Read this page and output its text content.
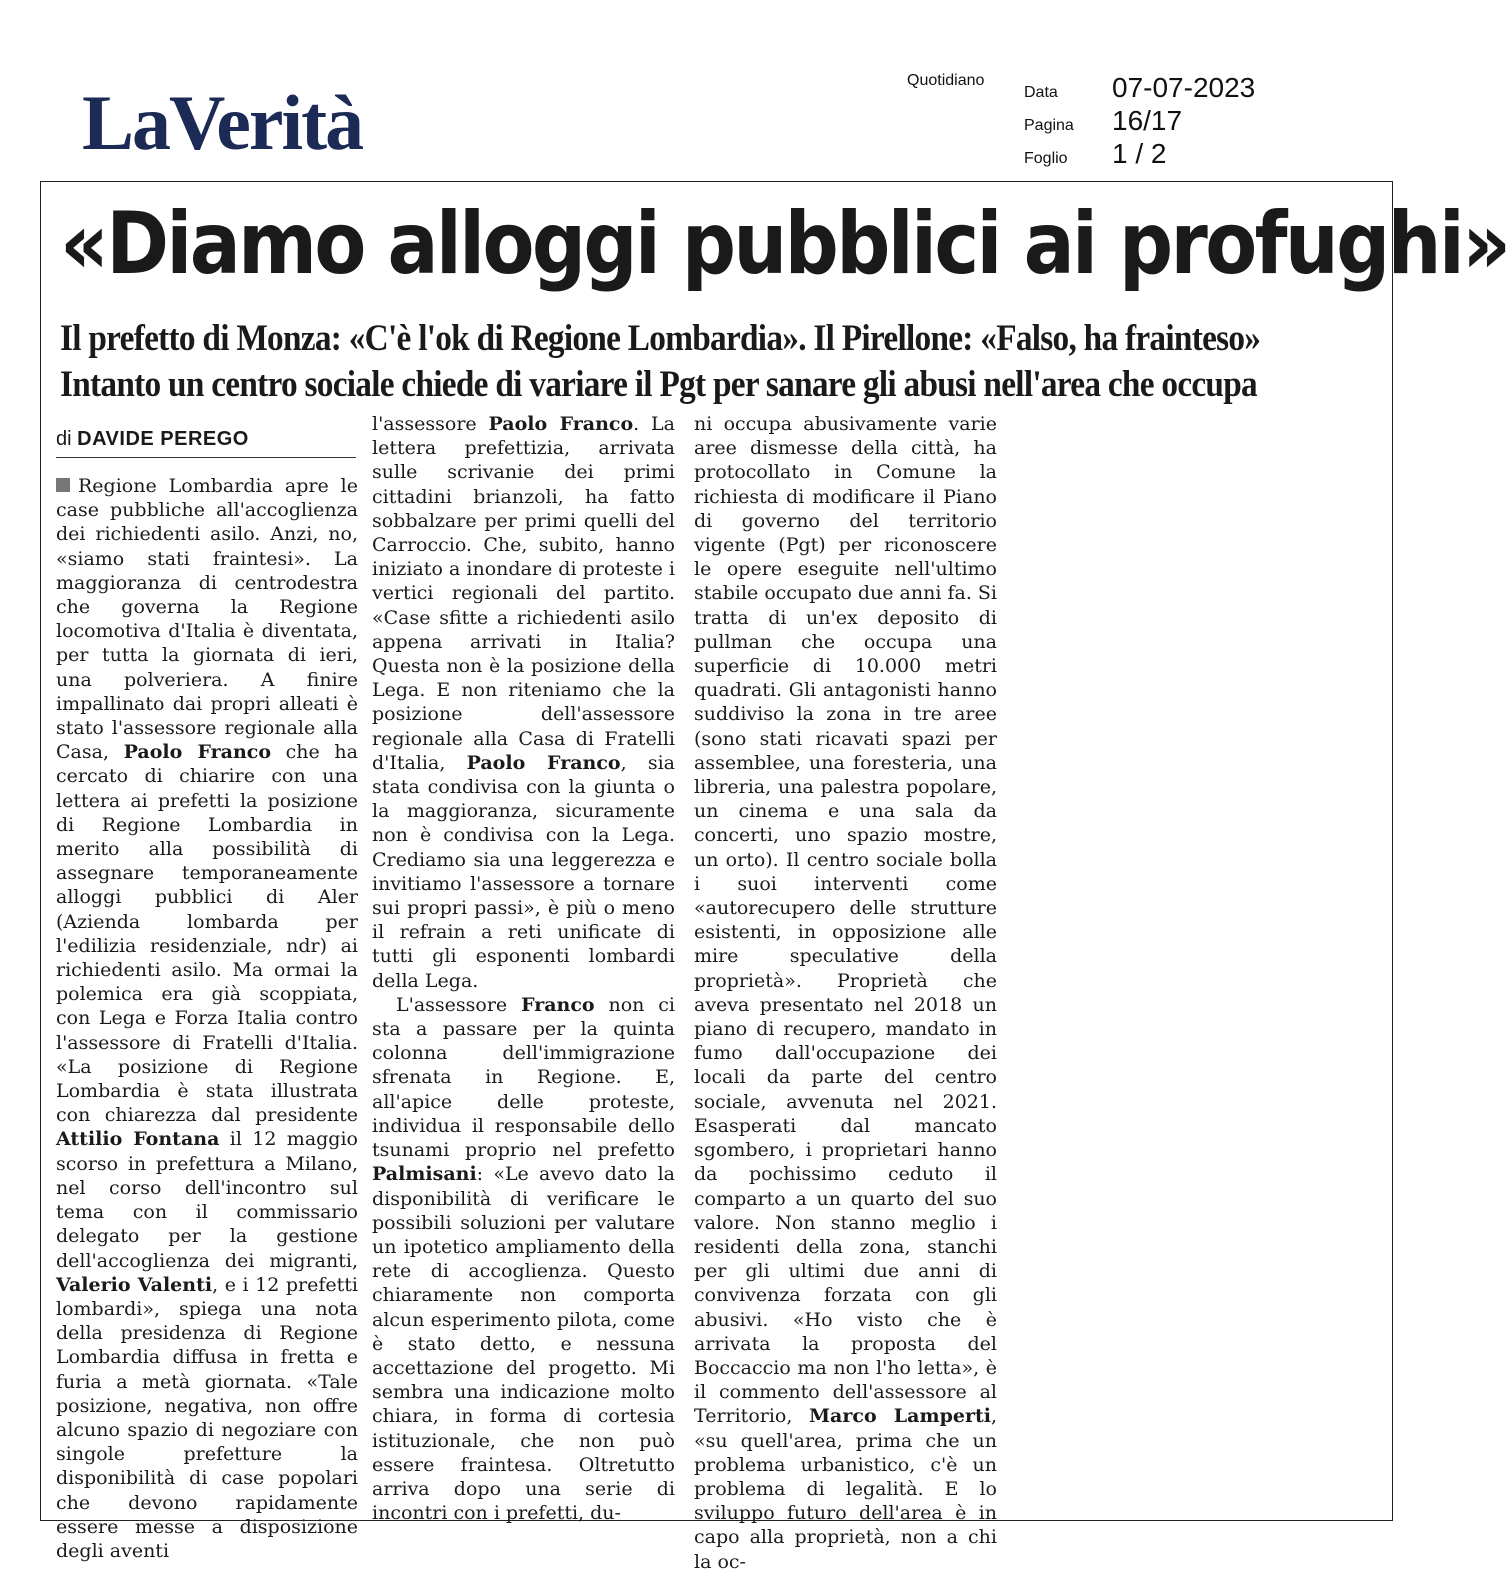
LaVerità	Quotidiano
Data	07-07-2023
Pagina	16/17
Foglio	1 / 2
«Diamo alloggi pubblici ai profughi»
Il prefetto di Monza: «C'è l'ok di Regione Lombardia». Il Pirellone: «Falso, ha frainteso»
Intanto un centro sociale chiede di variare il Pgt per sanare gli abusi nell'area che occupa
di DAVIDE PEREGO

Regione Lombardia apre le case pubbliche all'accoglienza dei richiedenti asilo. Anzi, no, «siamo stati fraintesi». La maggioranza di centrodestra che governa la Regione locomotiva d'Italia è diventata, per tutta la giornata di ieri, una polveriera. A finire impallinato dai propri alleati è stato l'assessore regionale alla Casa, Paolo Franco che ha cercato di chiarire con una lettera ai prefetti la posizione di Regione Lombardia in merito alla possibilità di assegnare temporaneamente alloggi pubblici di Aler (Azienda lombarda per l'edilizia residenziale, ndr) ai richiedenti asilo. Ma ormai la polemica era già scoppiata, con Lega e Forza Italia contro l'assessore di Fratelli d'Italia. «La posizione di Regione Lombardia è stata illustrata con chiarezza dal presidente Attilio Fontana il 12 maggio scorso in prefettura a Milano, nel corso dell'incontro sul tema con il commissario delegato per la gestione dell'accoglienza dei migranti, Valerio Valenti, e i 12 prefetti lombardi», spiega una nota della presidenza di Regione Lombardia diffusa in fretta e furia a metà giornata. «Tale posizione, negativa, non offre alcuno spazio di negoziare con singole prefetture la disponibilità di case popolari che devono rapidamente essere messe a disposizione degli aventi

l'assessore Paolo Franco. La lettera prefettizia, arrivata sulle scrivanie dei primi cittadini brianzoli, ha fatto sobbalzare per primi quelli del Carroccio. Che, subito, hanno iniziato a inondare di proteste i vertici regionali del partito. «Case sfitte a richiedenti asilo appena arrivati in Italia? Questa non è la posizione della Lega. E non riteniamo che la posizione dell'assessore regionale alla Casa di Fratelli d'Italia, Paolo Franco, sia stata condivisa con la giunta o la maggioranza, sicuramente non è condivisa con la Lega. Crediamo sia una leggerezza e invitiamo l'assessore a tornare sui propri passi», è più o meno il refrain a reti unificate di tutti gli esponenti lombardi della Lega.

L'assessore Franco non ci sta a passare per la quinta colonna dell'immigrazione sfrenata in Regione. E, all'apice delle proteste, individua il responsabile dello tsunami proprio nel prefetto Palmisani: «Le avevo dato la disponibilità di verificare le possibili soluzioni per valutare un ipotetico ampliamento della rete di accoglienza. Questo chiaramente non comporta alcun esperimento pilota, come è stato detto, e nessuna accettazione del progetto. Mi sembra una indicazione molto chiara, in forma di cortesia istituzionale, che non può essere fraintesa. Oltretutto arriva dopo una serie di incontri con i prefetti, du-

ni occupa abusivamente varie aree dismesse della città, ha protocollato in Comune la richiesta di modificare il Piano di governo del territorio vigente (Pgt) per riconoscere le opere eseguite nell'ultimo stabile occupato due anni fa. Si tratta di un'ex deposito di pullman che occupa una superficie di 10.000 metri quadrati. Gli antagonisti hanno suddiviso la zona in tre aree (sono stati ricavati spazi per assemblee, una foresteria, una libreria, una palestra popolare, un cinema e una sala da concerti, uno spazio mostre, un orto). Il centro sociale bolla i suoi interventi come «autorecupero delle strutture esistenti, in opposizione alle mire speculative della proprietà». Proprietà che aveva presentato nel 2018 un piano di recupero, mandato in fumo dall'occupazione dei locali da parte del centro sociale, avvenuta nel 2021. Esasperati dal mancato sgombero, i proprietari hanno da pochissimo ceduto il comparto a un quarto del suo valore. Non stanno meglio i residenti della zona, stanchi per gli ultimi due anni di convivenza forzata con gli abusivi. «Ho visto che è arrivata la proposta del Boccaccio ma non l'ho letta», è il commento dell'assessore al Territorio, Marco Lamperti, «su quell'area, prima che un problema urbanistico, c'è un problema di legalità. E lo sviluppo futuro dell'area è in capo alla proprietà, non a chi la oc-
